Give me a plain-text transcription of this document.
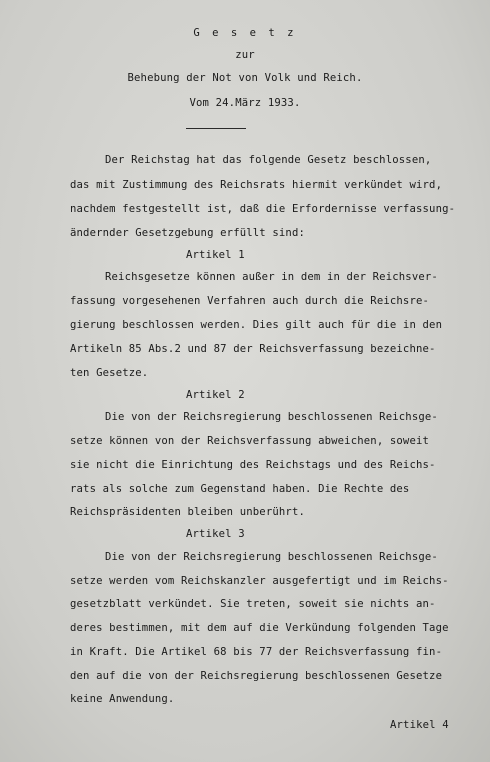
G e s e t z
zur
Behebung der Not von Volk und Reich.
Vom 24.März 1933.
Der Reichstag hat das folgende Gesetz beschlossen,
das mit Zustimmung des Reichsrats hiermit verkündet wird,
nachdem festgestellt ist, daß die Erfordernisse verfassung-
ändernder Gesetzgebung erfüllt sind:
Artikel 1
Reichsgesetze können außer in dem in der Reichsver-
fassung vorgesehenen Verfahren auch durch die Reichsre-
gierung beschlossen werden. Dies gilt auch für die in den
Artikeln 85 Abs.2 und 87 der Reichsverfassung bezeichne-
ten Gesetze.
Artikel 2
Die von der Reichsregierung beschlossenen Reichsge-
setze können von der Reichsverfassung abweichen, soweit
sie nicht die Einrichtung des Reichstags und des Reichs-
rats als solche zum Gegenstand haben. Die Rechte des
Reichspräsidenten bleiben unberührt.
Artikel 3
Die von der Reichsregierung beschlossenen Reichsge-
setze werden vom Reichskanzler ausgefertigt und im Reichs-
gesetzblatt verkündet. Sie treten, soweit sie nichts an-
deres bestimmen, mit dem auf die Verkündung folgenden Tage
in Kraft. Die Artikel 68 bis 77 der Reichsverfassung fin-
den auf die von der Reichsregierung beschlossenen Gesetze
keine Anwendung.
Artikel 4
